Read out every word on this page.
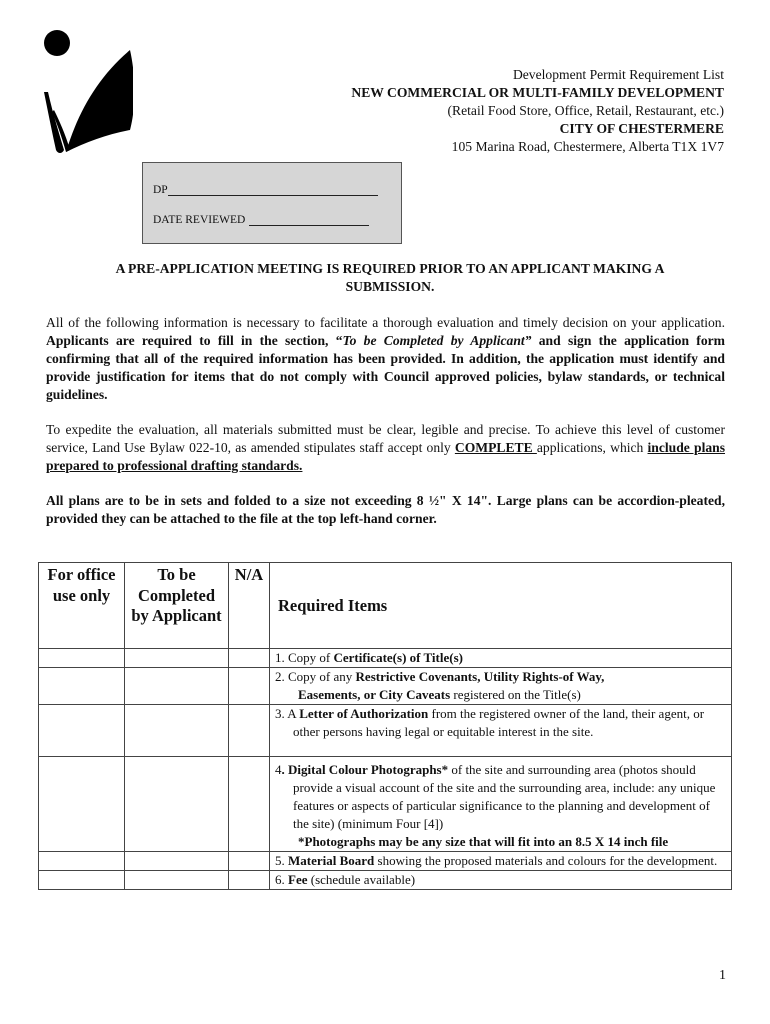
Development Permit Requirement List
NEW COMMERCIAL OR MULTI-FAMILY DEVELOPMENT
(Retail Food Store, Office, Retail, Restaurant, etc.)
CITY OF CHESTERMERE
105 Marina Road, Chestermere, Alberta T1X 1V7
DP
DATE REVIEWED
A PRE-APPLICATION MEETING IS REQUIRED PRIOR TO AN APPLICANT MAKING A SUBMISSION.
All of the following information is necessary to facilitate a thorough evaluation and timely decision on your application. Applicants are required to fill in the section, “To be Completed by Applicant” and sign the application form confirming that all of the required information has been provided. In addition, the application must identify and provide justification for items that do not comply with Council approved policies, bylaw standards, or technical guidelines.
To expedite the evaluation, all materials submitted must be clear, legible and precise. To achieve this level of customer service, Land Use Bylaw 022-10, as amended stipulates staff accept only COMPLETE applications, which include plans prepared to professional drafting standards.
All plans are to be in sets and folded to a size not exceeding 8 ½" X 14". Large plans can be accordion-pleated, provided they can be attached to the file at the top left-hand corner.
For office use only	To be Completed by Applicant	N/A	Required Items
			1. Copy of Certificate(s) of Title(s)
			2. Copy of any Restrictive Covenants, Utility Rights-of Way,
Easements, or City Caveats registered on the Title(s)

			3. A Letter of Authorization from the registered owner of the land, their agent, or other persons having legal or equitable interest in the site.
			4. Digital Colour Photographs* of the site and surrounding area (photos should provide a visual account of the site and the surrounding area, include: any unique features or aspects of particular significance to the planning and development of the site) (minimum Four [4])
*Photographs may be any size that will fit into an 8.5 X 14 inch file

			5. Material Board showing the proposed materials and colours for the development.
			6. Fee (schedule available)
1
